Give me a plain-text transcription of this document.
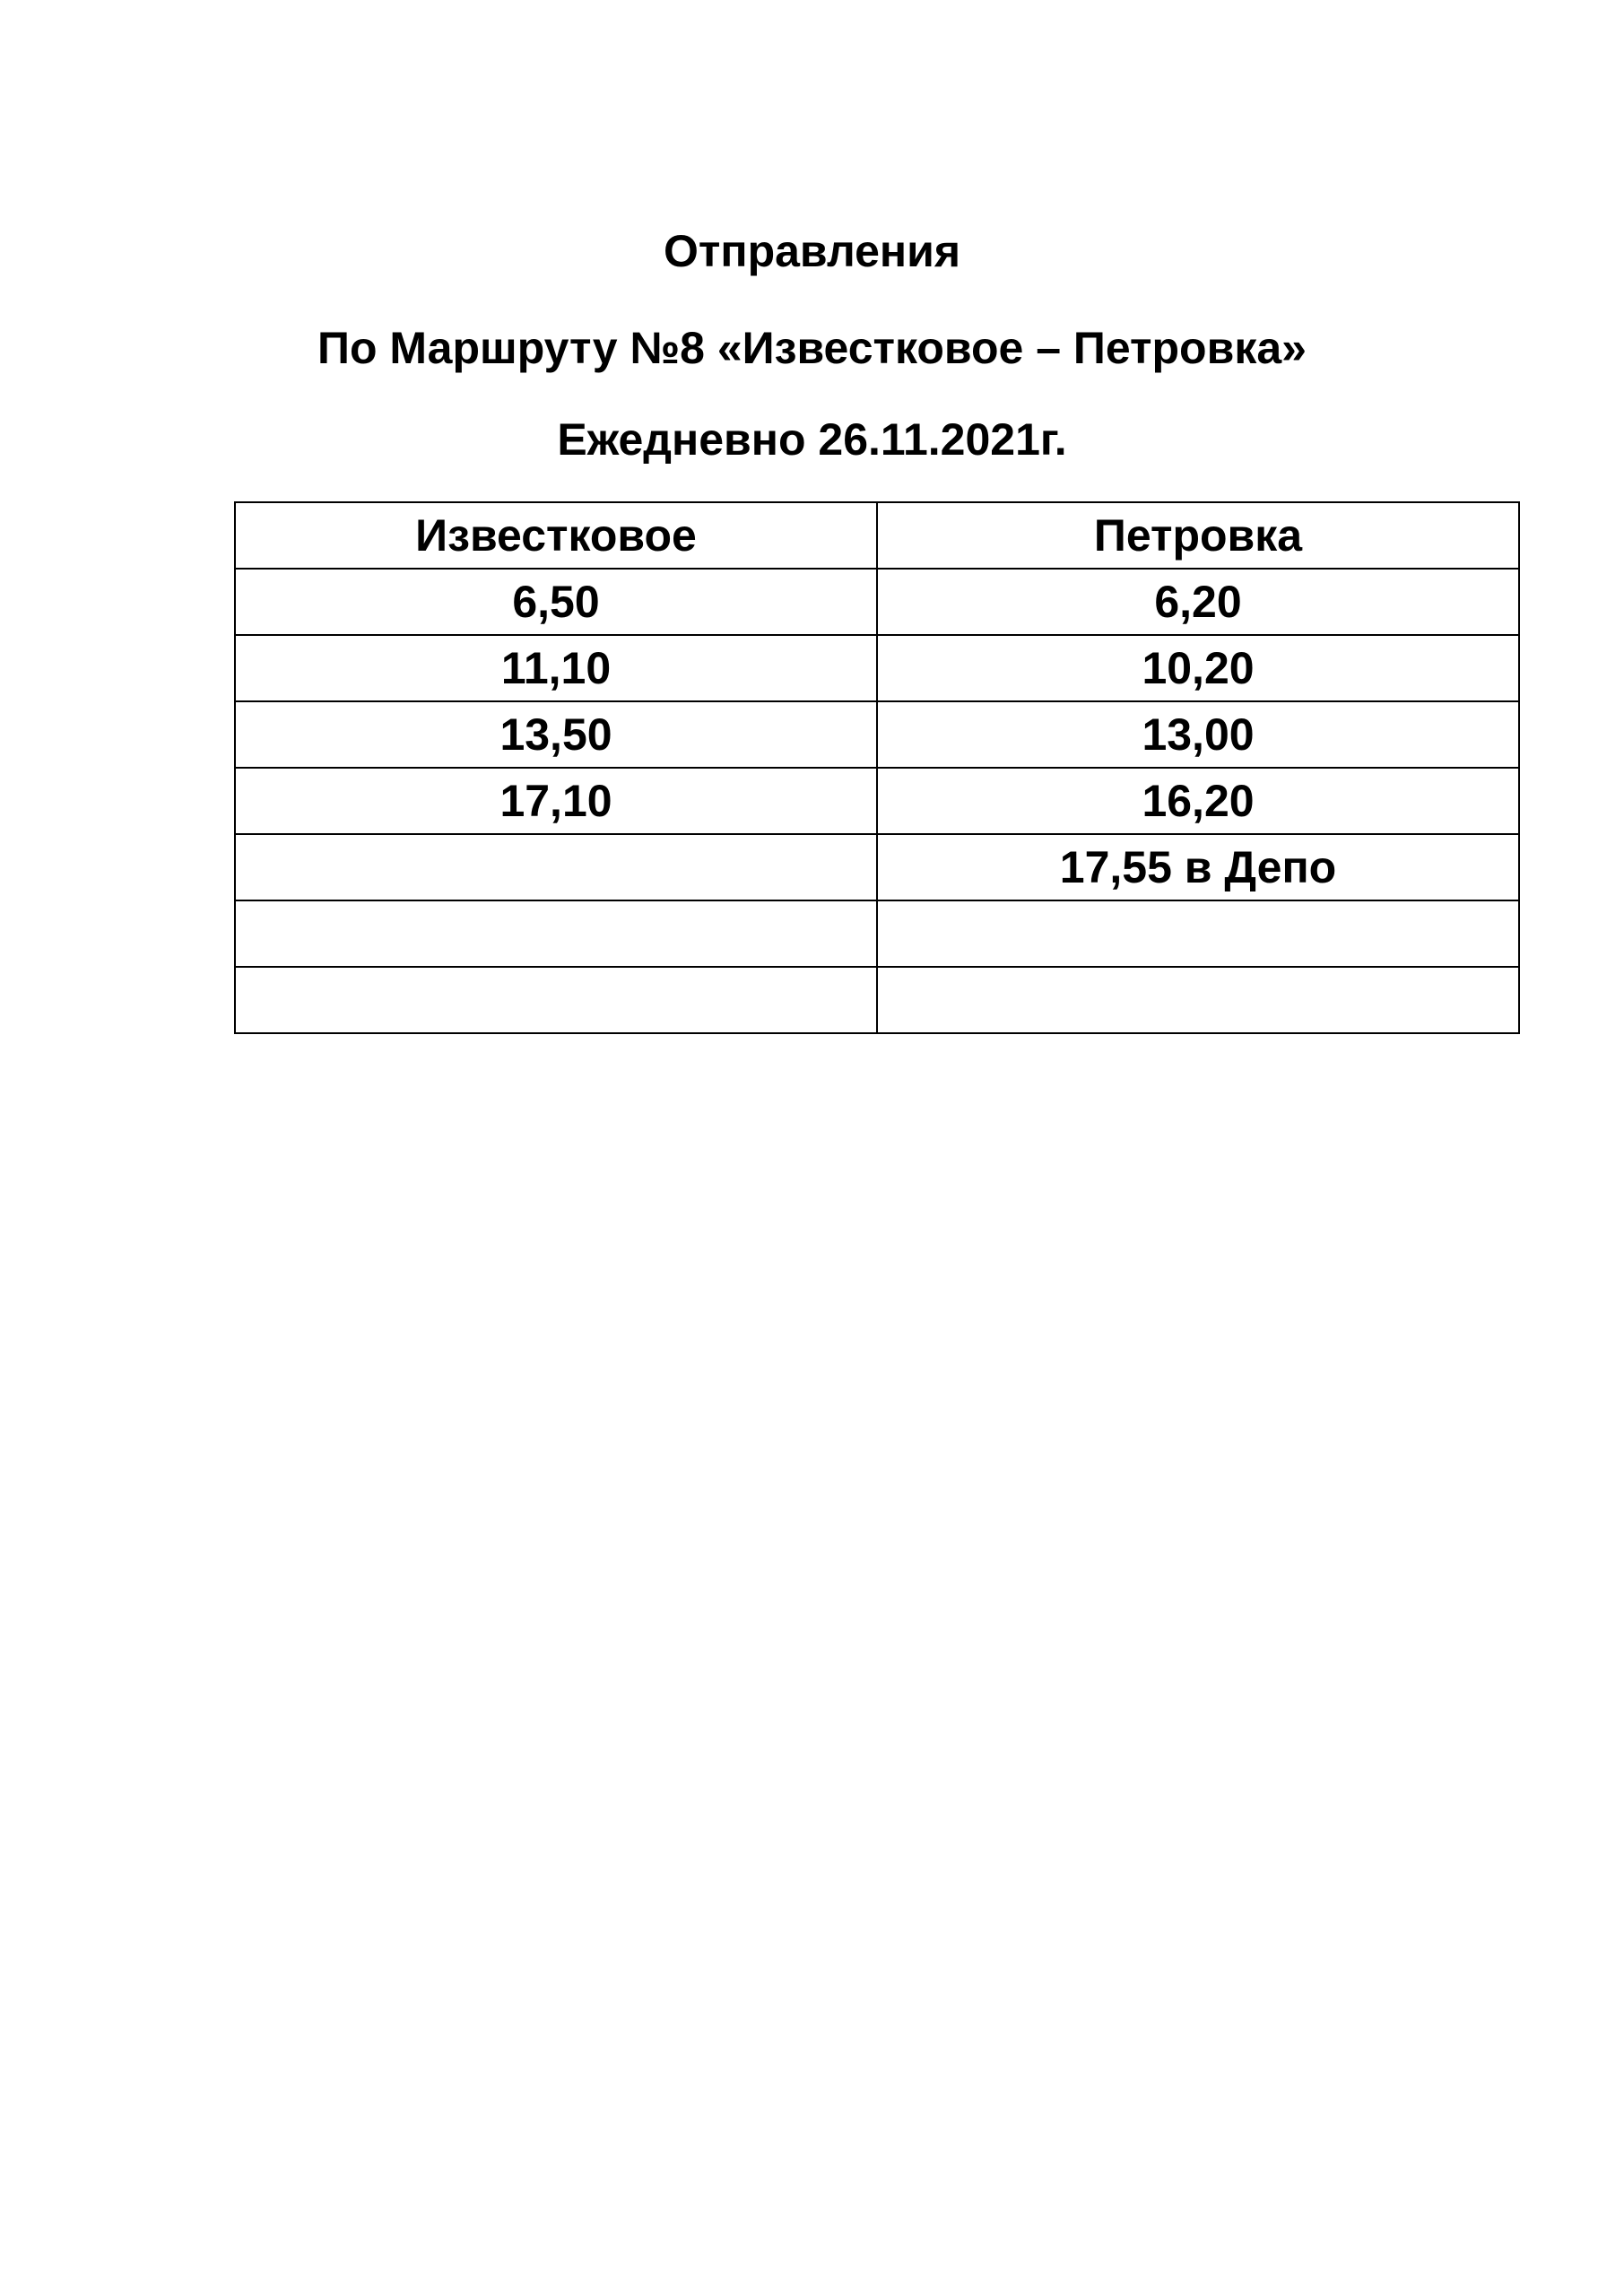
Отправления
По Маршруту №8 «Известковое – Петровка»
Ежедневно 26.11.2021г.
Известковое	Петровка
6,50	6,20
11,10	10,20
13,50	13,00
17,10	16,20
	17,55 в Депо
